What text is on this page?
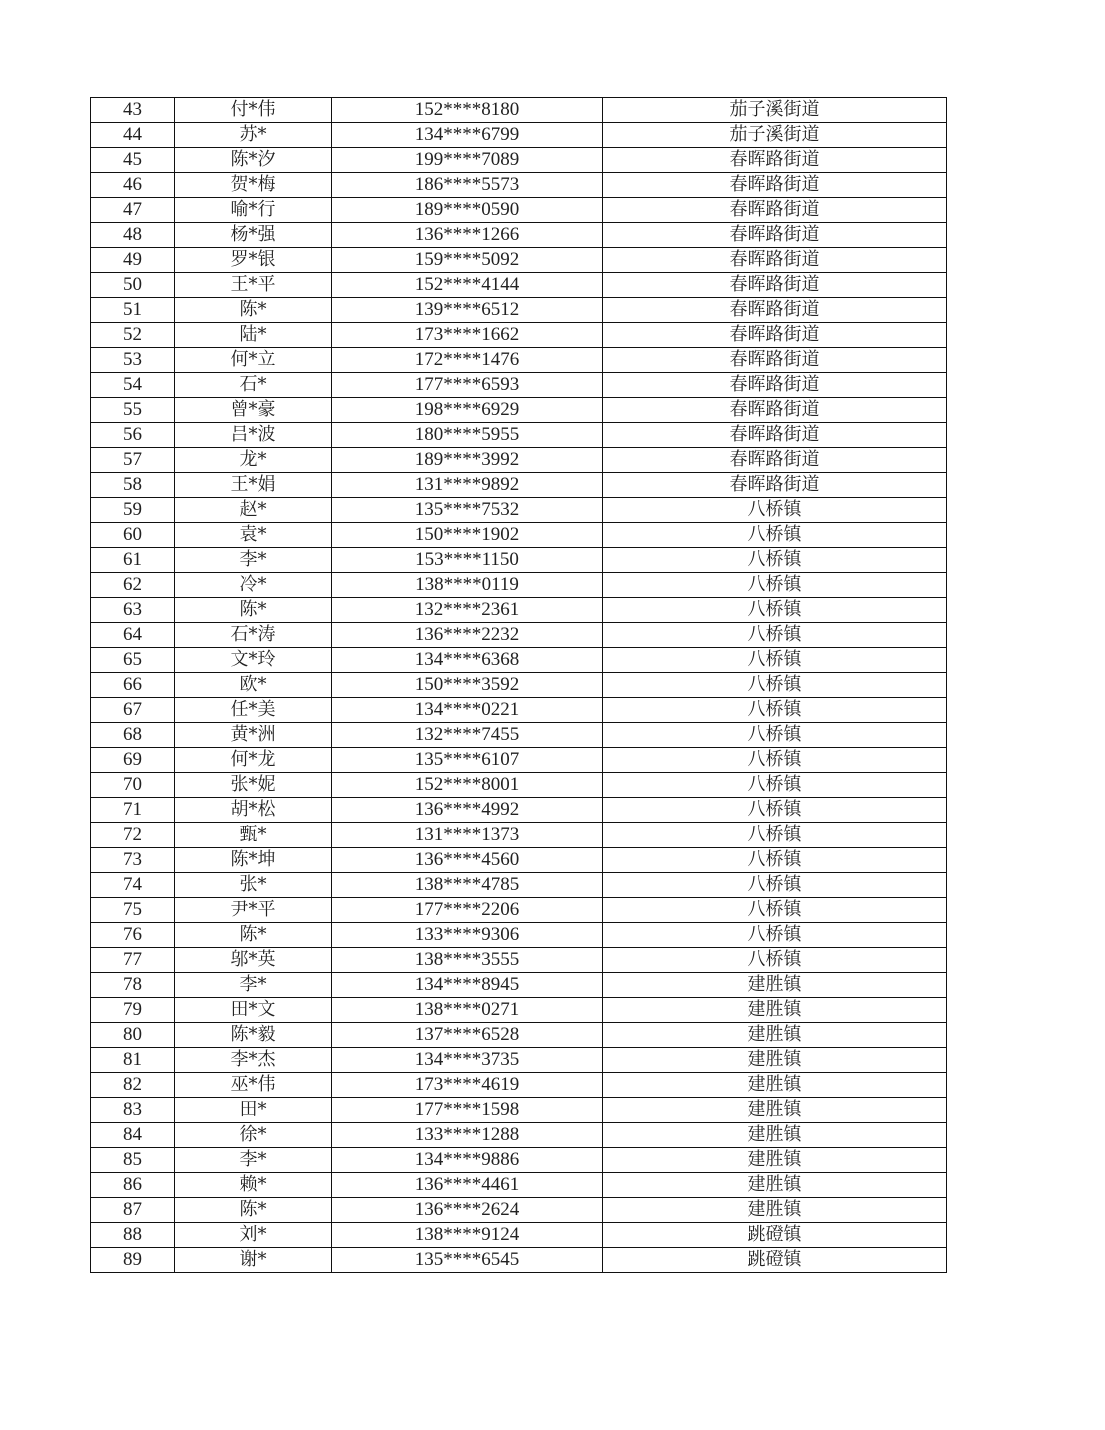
43	付*伟	152****8180	茄子溪街道
44	苏*	134****6799	茄子溪街道
45	陈*汐	199****7089	春晖路街道
46	贺*梅	186****5573	春晖路街道
47	喻*行	189****0590	春晖路街道
48	杨*强	136****1266	春晖路街道
49	罗*银	159****5092	春晖路街道
50	王*平	152****4144	春晖路街道
51	陈*	139****6512	春晖路街道
52	陆*	173****1662	春晖路街道
53	何*立	172****1476	春晖路街道
54	石*	177****6593	春晖路街道
55	曾*豪	198****6929	春晖路街道
56	吕*波	180****5955	春晖路街道
57	龙*	189****3992	春晖路街道
58	王*娟	131****9892	春晖路街道
59	赵*	135****7532	八桥镇
60	袁*	150****1902	八桥镇
61	李*	153****1150	八桥镇
62	冷*	138****0119	八桥镇
63	陈*	132****2361	八桥镇
64	石*涛	136****2232	八桥镇
65	文*玲	134****6368	八桥镇
66	欧*	150****3592	八桥镇
67	任*美	134****0221	八桥镇
68	黄*洲	132****7455	八桥镇
69	何*龙	135****6107	八桥镇
70	张*妮	152****8001	八桥镇
71	胡*松	136****4992	八桥镇
72	甄*	131****1373	八桥镇
73	陈*坤	136****4560	八桥镇
74	张*	138****4785	八桥镇
75	尹*平	177****2206	八桥镇
76	陈*	133****9306	八桥镇
77	邬*英	138****3555	八桥镇
78	李*	134****8945	建胜镇
79	田*文	138****0271	建胜镇
80	陈*毅	137****6528	建胜镇
81	李*杰	134****3735	建胜镇
82	巫*伟	173****4619	建胜镇
83	田*	177****1598	建胜镇
84	徐*	133****1288	建胜镇
85	李*	134****9886	建胜镇
86	赖*	136****4461	建胜镇
87	陈*	136****2624	建胜镇
88	刘*	138****9124	跳磴镇
89	谢*	135****6545	跳磴镇
